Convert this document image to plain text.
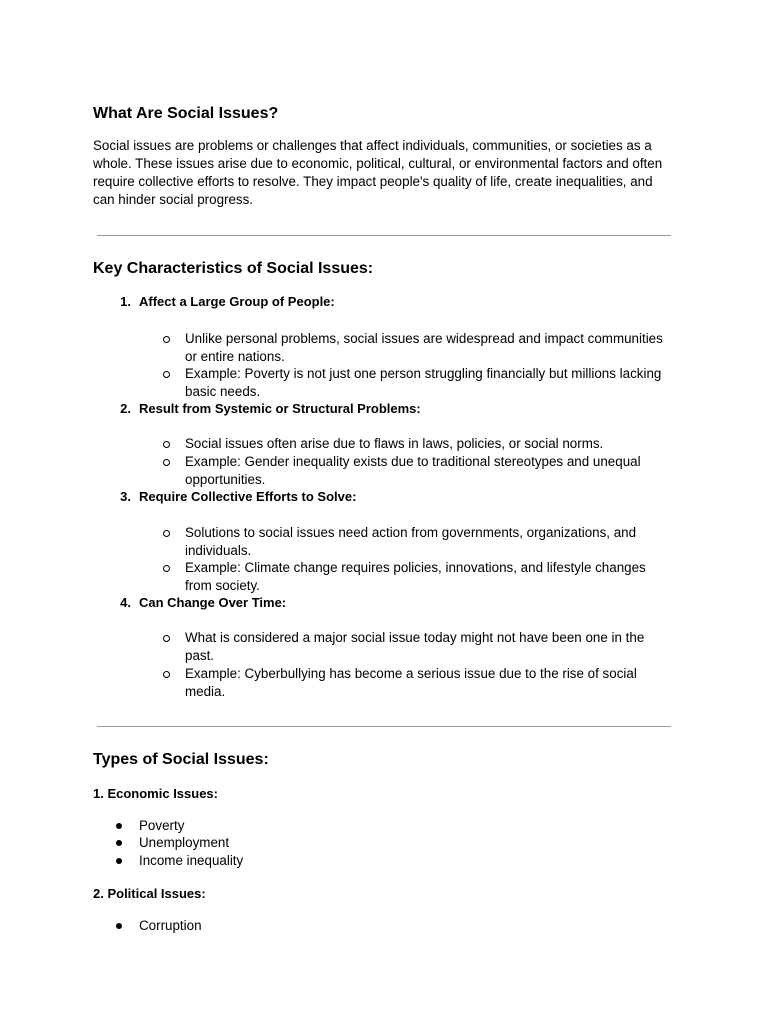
What Are Social Issues?

Social issues are problems or challenges that affect individuals, communities, or societies as a whole. These issues arise due to economic, political, cultural, or environmental factors and often require collective efforts to resolve. They impact people's quality of life, create inequalities, and can hinder social progress.

Key Characteristics of Social Issues:
1. Affect a Large Group of People:
Unlike personal problems, social issues are widespread and impact communities or entire nations.
Example: Poverty is not just one person struggling financially but millions lacking basic needs.
2. Result from Systemic or Structural Problems:
Social issues often arise due to flaws in laws, policies, or social norms.
Example: Gender inequality exists due to traditional stereotypes and unequal opportunities.
3. Require Collective Efforts to Solve:
Solutions to social issues need action from governments, organizations, and individuals.
Example: Climate change requires policies, innovations, and lifestyle changes from society.
4. Can Change Over Time:
What is considered a major social issue today might not have been one in the past.
Example: Cyberbullying has become a serious issue due to the rise of social media.
Types of Social Issues:
1. Economic Issues:
Poverty
Unemployment
Income inequality
2. Political Issues:
Corruption
